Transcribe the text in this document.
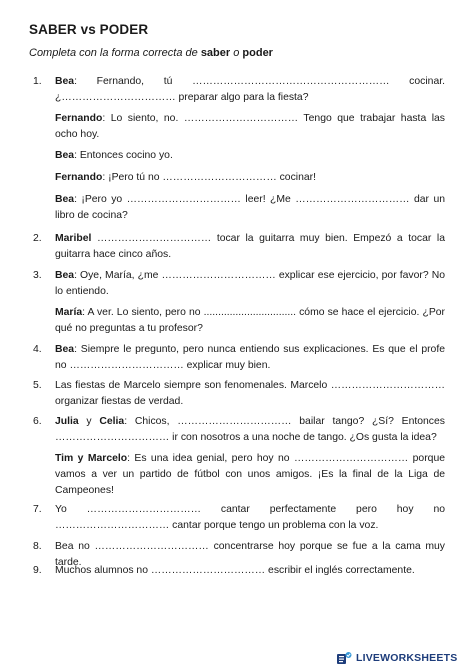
SABER vs PODER
Completa con la forma correcta de saber o poder
1.	Bea: Fernando, tú ………………………………………………… cocinar. ¿…………………………… preparar algo para la fiesta?
Fernando: Lo siento, no. …………………………… Tengo que trabajar hasta las ocho hoy.
Bea: Entonces cocino yo.
Fernando: ¡Pero tú no …………………………… cocinar!
Bea: ¡Pero yo …………………………… leer! ¿Me …………………………… dar un libro de cocina?
2.	Maribel …………………………… tocar la guitarra muy bien. Empezó a tocar la guitarra hace cinco años.
3.	Bea: Oye, María, ¿me …………………………… explicar ese ejercicio, por favor? No lo entiendo.
María: A ver. Lo siento, pero no ................................ cómo se hace el ejercicio. ¿Por qué no preguntas a tu profesor?
4.	Bea: Siempre le pregunto, pero nunca entiendo sus explicaciones. Es que el profe no …………………………… explicar muy bien.
5.	Las fiestas de Marcelo siempre son fenomenales. Marcelo …………………………… organizar fiestas de verdad.
6.	Julia y Celia: Chicos, …………………………… bailar tango? ¿Sí? Entonces …………………………… ir con nosotros a una noche de tango. ¿Os gusta la idea?
Tim y Marcelo: Es una idea genial, pero hoy no …………………………… porque vamos a ver un partido de fútbol con unos amigos. ¡Es la final de la Liga de Campeones!
7.	Yo …………………………… cantar perfectamente pero hoy no …………………………… cantar porque tengo un problema con la voz.
8.	Bea no …………………………… concentrarse hoy porque se fue a la cama muy tarde.
9.	Muchos alumnos no …………………………… escribir el inglés correctamente.
LIVEWORKSHEETS
